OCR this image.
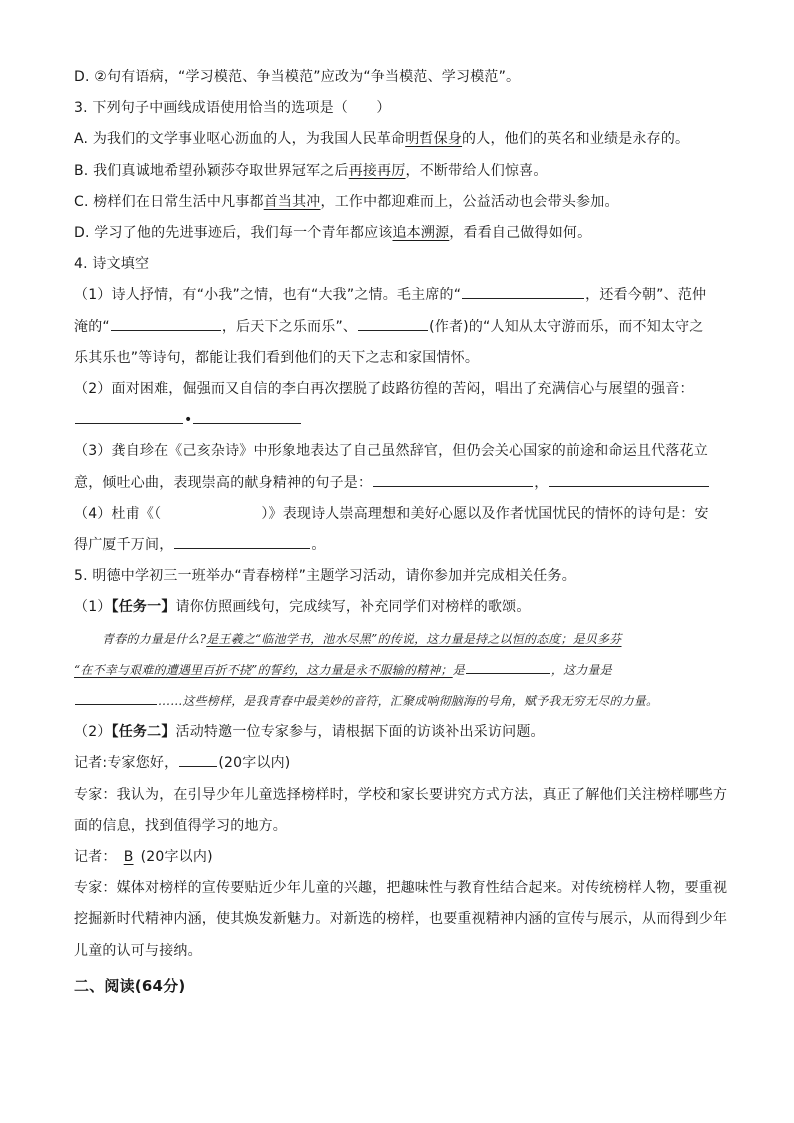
D. ②句有语病，“学习模范、争当模范”应改为“争当模范、学习模范”。
3. 下列句子中画线成语使用恰当的选项是（　　）
A. 为我们的文学事业呕心沥血的人，为我国人民革命明哲保身的人，他们的英名和业绩是永存的。
B. 我们真诚地希望孙颖莎夺取世界冠军之后再接再厉，不断带给人们惊喜。
C. 榜样们在日常生活中凡事都首当其冲，工作中都迎难而上，公益活动也会带头参加。
D. 学习了他的先进事迹后，我们每一个青年都应该追本溯源，看看自己做得如何。
4. 诗文填空
（1）诗人抒情，有“小我”之情，也有“大我”之情。毛主席的“	，还看今朝”、范仲
淹的“	，后天下之乐而乐”、	(作者)的“人知从太守游而乐，而不知太守之
乐其乐也”等诗句，都能让我们看到他们的天下之志和家国情怀。
（2）面对困难，倔强而又自信的李白再次摆脱了歧路彷徨的苦闷，唱出了充满信心与展望的强音：
•
（3）龚自珍在《己亥杂诗》中形象地表达了自己虽然辞官，但仍会关心国家的前途和命运且代落花立
意，倾吐心曲，表现崇高的献身精神的句子是：	，
（4）杜甫《（	）》表现诗人崇高理想和美好心愿以及作者忧国忧民的情怀的诗句是：安
得广厦千万间，	。
5. 明德中学初三一班举办“青春榜样”主题学习活动，请你参加并完成相关任务。
（1）【任务一】请你仿照画线句，完成续写，补充同学们对榜样的歌颂。
青春的力量是什么?是王羲之“临池学书，池水尽黑”的传说，这力量是持之以恒的态度；是贝多芬
“在不幸与艰难的遭遇里百折不挠”的誓约，这力量是永不服输的精神；是	，这力量是
……这些榜样，是我青春中最美妙的音符，汇聚成响彻脑海的号角，赋予我无穷无尽的力量。
（2）【任务二】活动特邀一位专家参与，请根据下面的访谈补出采访问题。
记者:专家您好，	(20字以内)
专家：我认为，在引导少年儿童选择榜样时，学校和家长要讲究方式方法，真正了解他们关注榜样哪些方
面的信息，找到值得学习的地方。
记者： B (20字以内)
专家：媒体对榜样的宣传要贴近少年儿童的兴趣，把趣味性与教育性结合起来。对传统榜样人物，要重视
挖掘新时代精神内涵，使其焕发新魅力。对新选的榜样，也要重视精神内涵的宣传与展示，从而得到少年
儿童的认可与接纳。
二、阅读(64分)
